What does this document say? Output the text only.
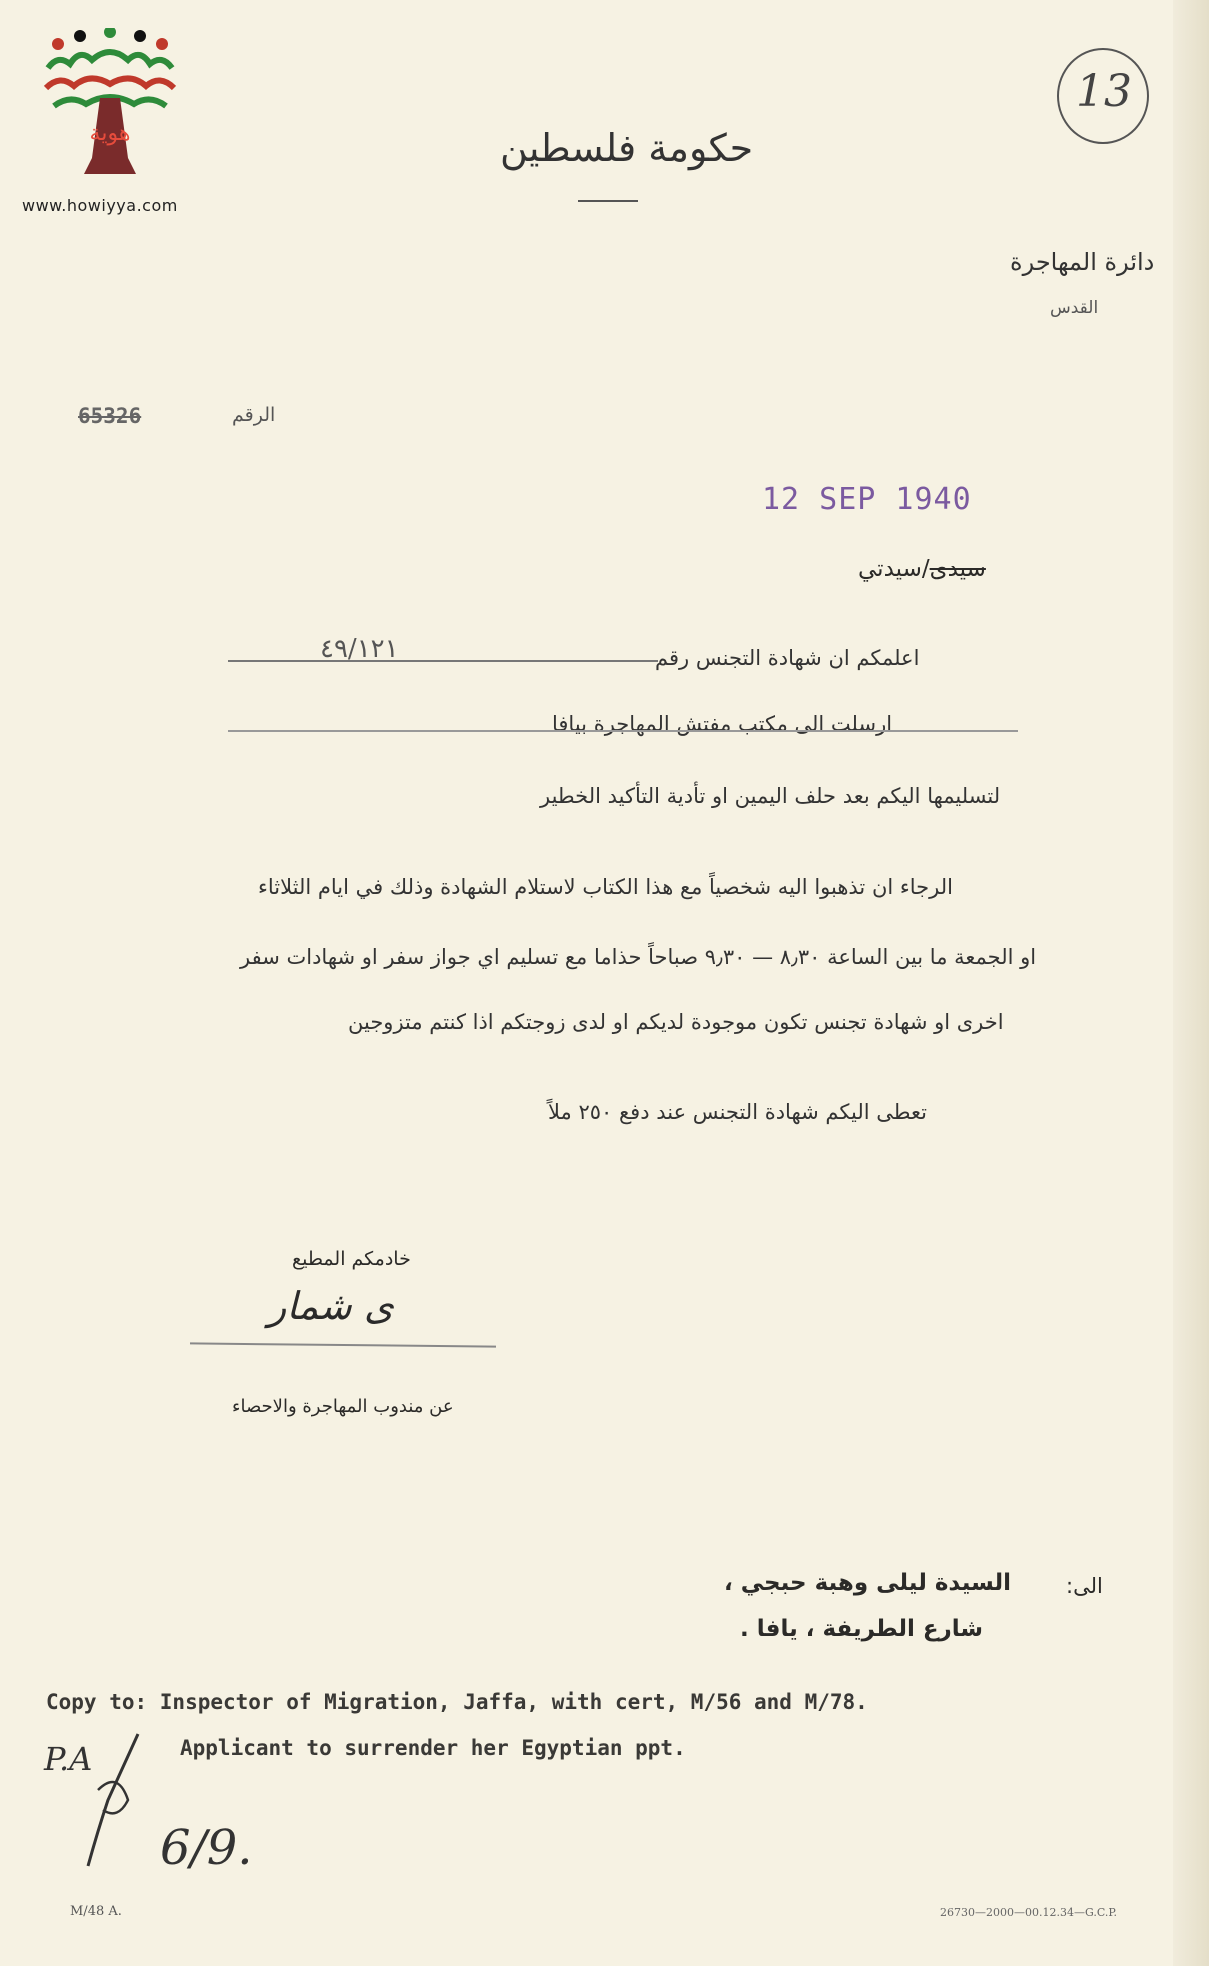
هوية
www.howiyya.com
13
حكومة فلسطين
دائرة المهاجرة
القدس
الرقم
65326
12 SEP 1940
سيدى/سيدتي
اعلمكم ان شهادة التجنس رقم
٤٩/١٢١
ارسلت الى مكتب مفتش المهاجرة بيافا
لتسليمها اليكم بعد حلف اليمين او تأدية التأكيد الخطير
الرجاء ان تذهبوا اليه شخصياً مع هذا الكتاب لاستلام الشهادة وذلك في ايام الثلاثاء
او الجمعة ما بين الساعة ٨٫٣٠ — ٩٫٣٠ صباحاً حذاما مع تسليم اي جواز سفر او شهادات سفر
اخرى او شهادة تجنس تكون موجودة لديكم او لدى زوجتكم اذا كنتم متزوجين
تعطى اليكم شهادة التجنس عند دفع ٢٥٠ ملاً
خادمكم المطيع
ى شمار
عن مندوب المهاجرة والاحصاء
الى:
السيدة ليلى وهبة حبجي ،
شارع الطريفة ، يافا .
Copy to: Inspector of Migration, Jaffa, with cert, M/56 and M/78.
Applicant to surrender her Egyptian ppt.
P.A
6/9.
M/48 A.	26730—2000—00.12.34—G.C.P.
